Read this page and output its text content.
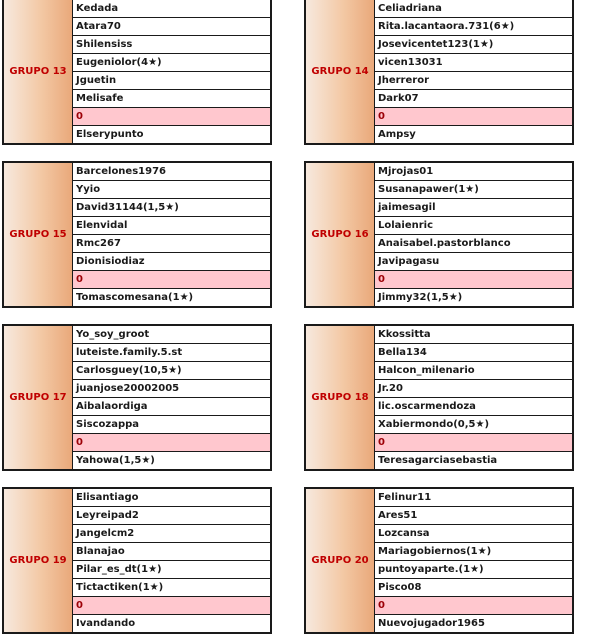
GRUPO 13
Kedada
Atara70
Shilensiss
Eugeniolor(4★)
Jguetin
Melisafe
0
Elserypunto
GRUPO 14
Celiadriana
Rita.lacantaora.731(6★)
Josevicentet123(1★)
vicen13031
Jherreror
Dark07
0
Ampsy
GRUPO 15
Barcelones1976
Yyio
David31144(1,5★)
Elenvidal
Rmc267
Dionisiodiaz
0
Tomascomesana(1★)
GRUPO 16
Mjrojas01
Susanapawer(1★)
jaimesagil
Lolaienric
Anaisabel.pastorblanco
Javipagasu
0
Jimmy32(1,5★)
GRUPO 17
Yo_soy_groot
luteiste.family.5.st
Carlosguey(10,5★)
juanjose20002005
Aibalaordiga
Siscozappa
0
Yahowa(1,5★)
GRUPO 18
Kkossitta
Bella134
Halcon_milenario
Jr.20
lic.oscarmendoza
Xabiermondo(0,5★)
0
Teresagarciasebastia
GRUPO 19
Elisantiago
Leyreipad2
Jangelcm2
Blanajao
Pilar_es_dt(1★)
Tictactiken(1★)
0
Ivandando
GRUPO 20
Felinur11
Ares51
Lozcansa
Mariagobiernos(1★)
puntoyaparte.(1★)
Pisco08
0
Nuevojugador1965
